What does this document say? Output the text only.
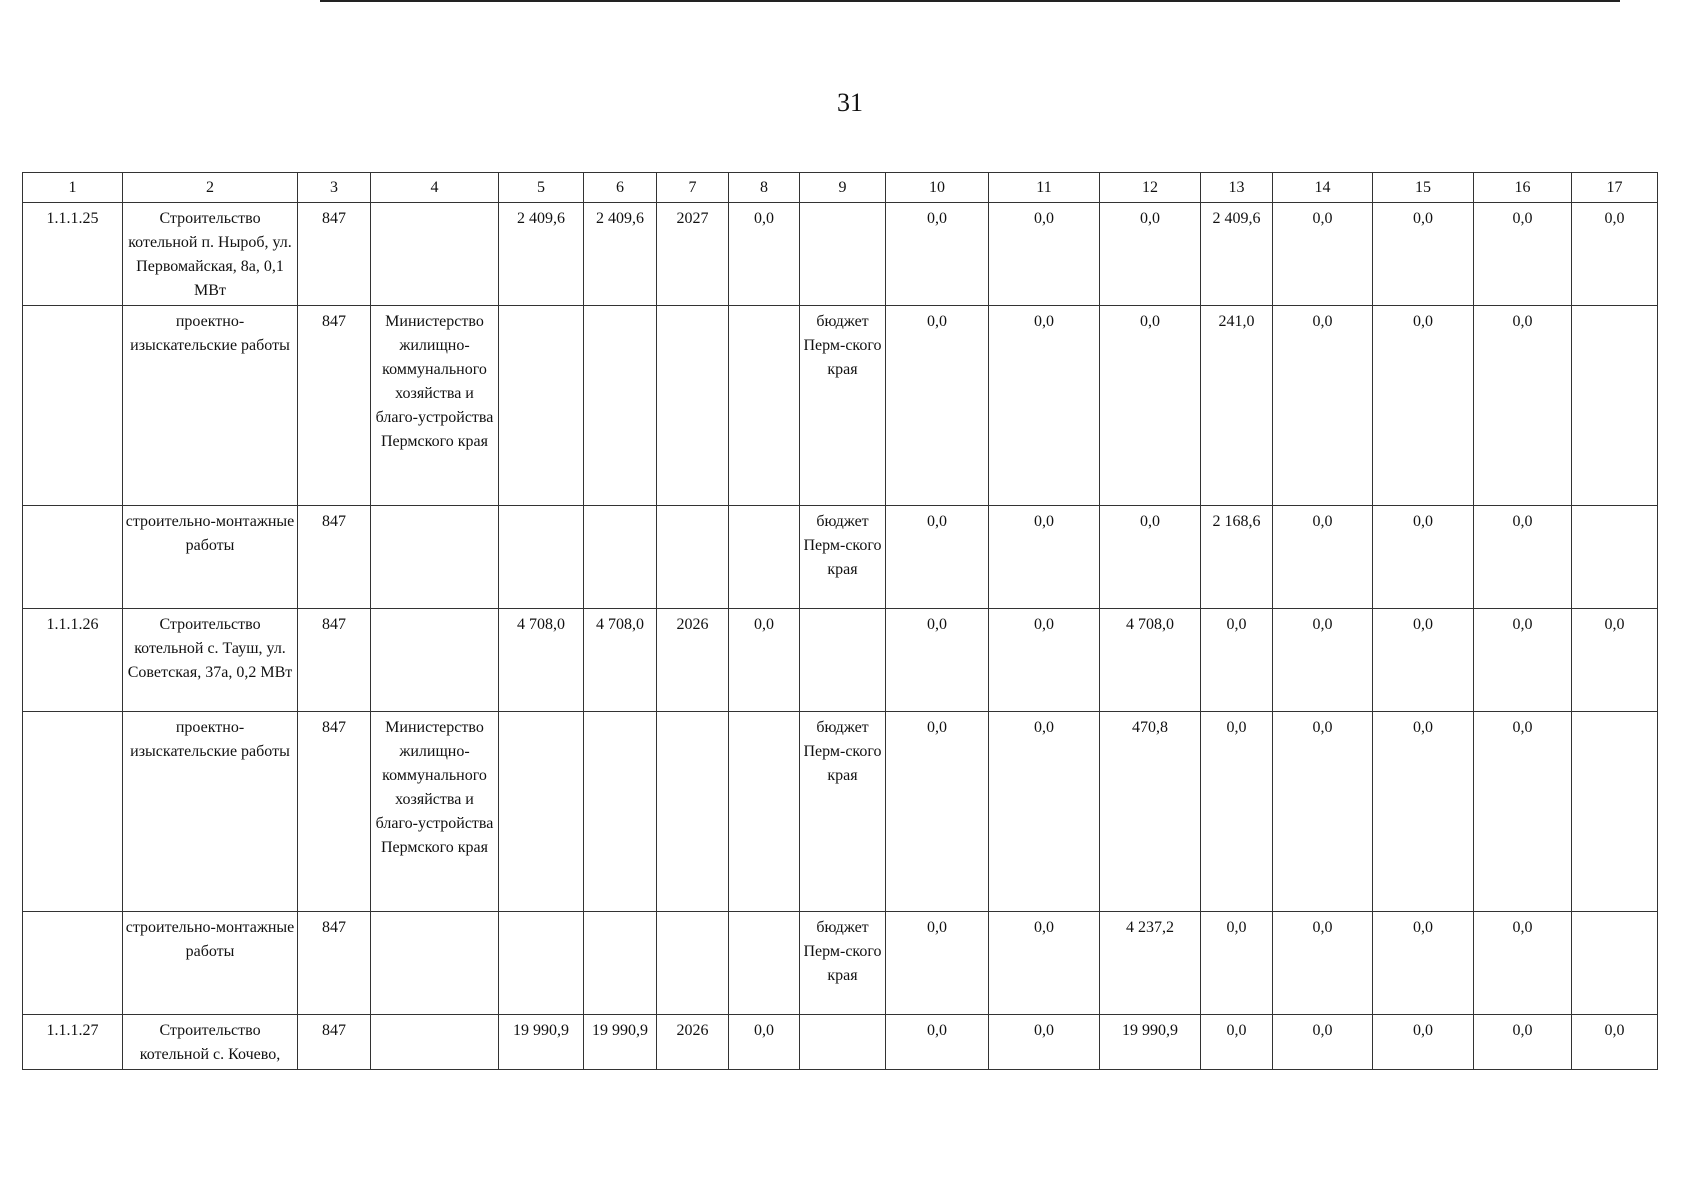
31
1	2	3	4	5	6	7	8	9	10	11	12	13	14	15	16	17
1.1.1.25	Строительство котельной п. Ныроб, ул. Первомайская, 8а, 0,1 МВт	847		2 409,6	2 409,6	2027	0,0		0,0	0,0	0,0	2 409,6	0,0	0,0	0,0	0,0
	проектно-изыскательские работы	847	Министерство жилищно-коммунального хозяйства и благо-устройства Пермского края					бюджет Перм-ского края	0,0	0,0	0,0	241,0	0,0	0,0	0,0	
	строительно-монтажные работы	847						бюджет Перм-ского края	0,0	0,0	0,0	2 168,6	0,0	0,0	0,0	
1.1.1.26	Строительство котельной с. Тауш, ул. Советская, 37а, 0,2 МВт	847		4 708,0	4 708,0	2026	0,0		0,0	0,0	4 708,0	0,0	0,0	0,0	0,0	0,0
	проектно-изыскательские работы	847	Министерство жилищно-коммунального хозяйства и благо-устройства Пермского края					бюджет Перм-ского края	0,0	0,0	470,8	0,0	0,0	0,0	0,0	
	строительно-монтажные работы	847						бюджет Перм-ского края	0,0	0,0	4 237,2	0,0	0,0	0,0	0,0	
1.1.1.27	Строительство котельной с. Кочево,	847		19 990,9	19 990,9	2026	0,0		0,0	0,0	19 990,9	0,0	0,0	0,0	0,0	0,0
